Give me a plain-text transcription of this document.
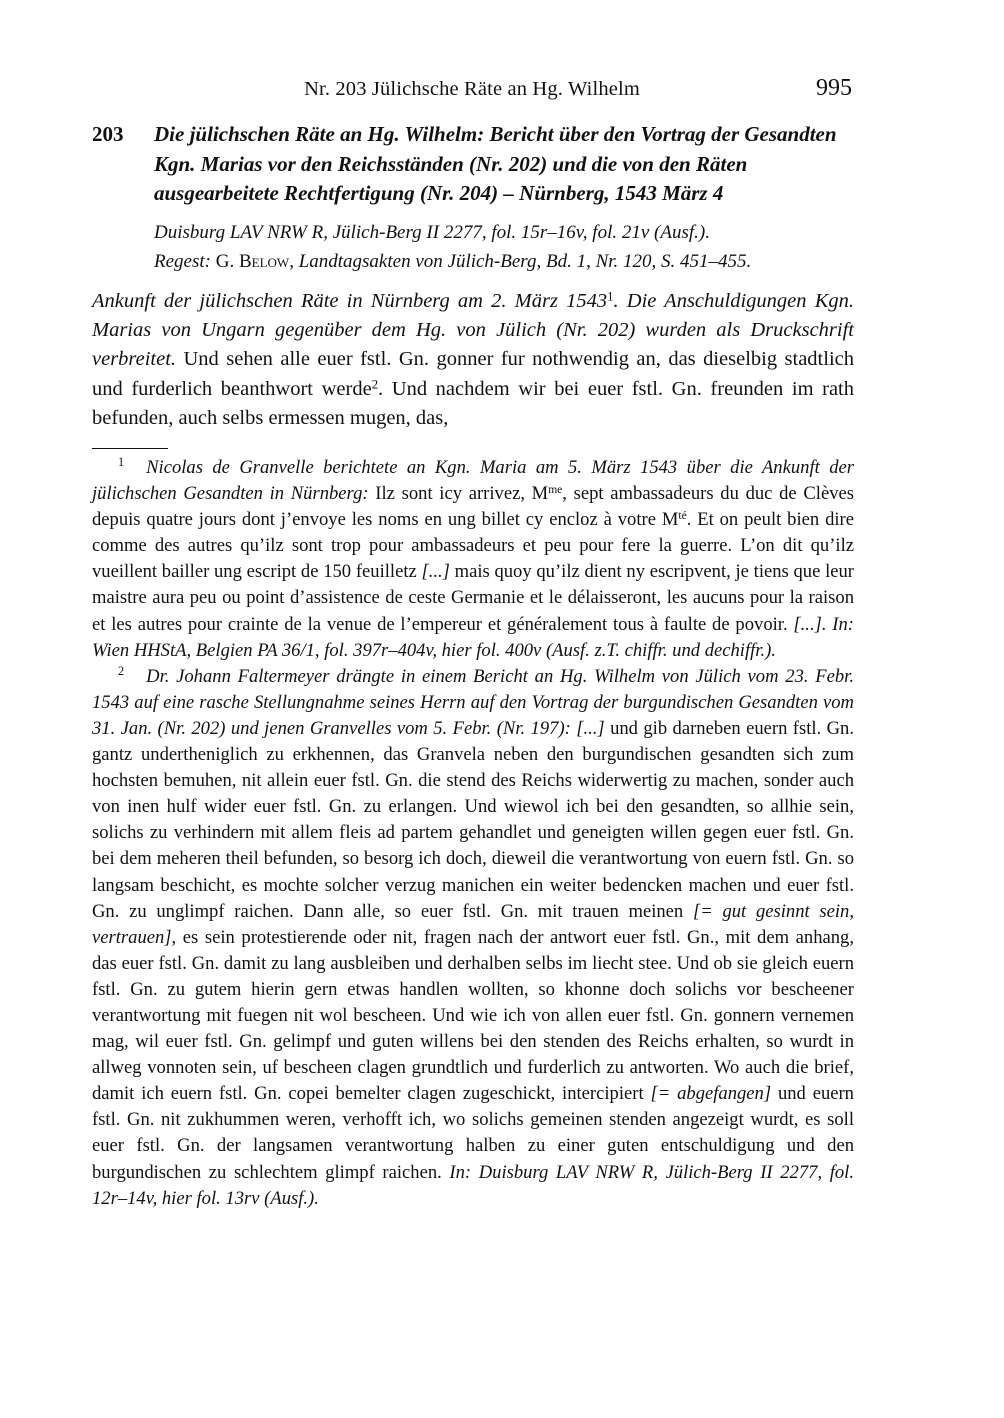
Nr. 203 Jülichsche Räte an Hg. Wilhelm	995
203 Die jülichschen Räte an Hg. Wilhelm: Bericht über den Vortrag der Gesandten Kgn. Marias vor den Reichsständen (Nr. 202) und die von den Räten ausgearbeitete Rechtfertigung (Nr. 204) – Nürnberg, 1543 März 4
Duisburg LAV NRW R, Jülich-Berg II 2277, fol. 15r–16v, fol. 21v (Ausf.).
Regest: G. Below, Landtagsakten von Jülich-Berg, Bd. 1, Nr. 120, S. 451–455.
Ankunft der jülichschen Räte in Nürnberg am 2. März 1543$^1$. Die Anschuldigungen Kgn. Marias von Ungarn gegenüber dem Hg. von Jülich (Nr. 202) wurden als Druckschrift verbreitet. Und sehen alle euer fstl. Gn. gonner fur nothwendig an, das dieselbig stadtlich und furderlich beanthwort werde$^2$. Und nachdem wir bei euer fstl. Gn. freunden im rath befunden, auch selbs ermessen mugen, das,

$^1$ Nicolas de Granvelle berichtete an Kgn. Maria am 5. März 1543 über die Ankunft der jülichschen Gesandten in Nürnberg: Ilz sont icy arrivez, $M^{me}$, sept ambassadeurs du duc de Clèves depuis quatre jours dont j’envoye les noms en ung billet cy encloz à votre $M^{té}$. Et on peult bien dire comme des autres qu’ilz sont trop pour ambassadeurs et peu pour fere la guerre. L’on dit qu’ilz vueillent bailler ung escript de 150 feuilletz [...] mais quoy qu’ilz dient ny escripvent, je tiens que leur maistre aura peu ou point d’assistence de ceste Germanie et le délaisseront, les aucuns pour la raison et les autres pour crainte de la venue de l’empereur et généralement tous à faulte de povoir. [...]. In: Wien HHStA, Belgien PA 36/1, fol. 397r–404v, hier fol. 400v (Ausf. z.T. chiffr. und dechiffr.).

$^2$ Dr. Johann Faltermeyer drängte in einem Bericht an Hg. Wilhelm von Jülich vom 23. Febr. 1543 auf eine rasche Stellungnahme seines Herrn auf den Vortrag der burgundischen Gesandten vom 31. Jan. (Nr. 202) und jenen Granvelles vom 5. Febr. (Nr. 197): [...] und gib darneben euern fstl. Gn. gantz undertheniglich zu erkhennen, das Granvela neben den burgundischen gesandten sich zum hochsten bemuhen, nit allein euer fstl. Gn. die stend des Reichs widerwertig zu machen, sonder auch von inen hulf wider euer fstl. Gn. zu erlangen. Und wiewol ich bei den gesandten, so allhie sein, solichs zu verhindern mit allem fleis ad partem gehandlet und geneigten willen gegen euer fstl. Gn. bei dem meheren theil befunden, so besorg ich doch, dieweil die verantwortung von euern fstl. Gn. so langsam beschicht, es mochte solcher verzug manichen ein weiter bedencken machen und euer fstl. Gn. zu unglimpf raichen. Dann alle, so euer fstl. Gn. mit trauen meinen [= gut gesinnt sein, vertrauen], es sein protestierende oder nit, fragen nach der antwort euer fstl. Gn., mit dem anhang, das euer fstl. Gn. damit zu lang ausbleiben und derhalben selbs im liecht stee. Und ob sie gleich euern fstl. Gn. zu gutem hierin gern etwas handlen wollten, so khonne doch solichs vor bescheener verantwortung mit fuegen nit wol bescheen. Und wie ich von allen euer fstl. Gn. gonnern vernemen mag, wil euer fstl. Gn. gelimpf und guten willens bei den stenden des Reichs erhalten, so wurdt in allweg vonnoten sein, uf bescheen clagen grundtlich und furderlich zu antworten. Wo auch die brief, damit ich euern fstl. Gn. copei bemelter clagen zugeschickt, intercipiert [= abgefangen] und euern fstl. Gn. nit zukhummen weren, verhofft ich, wo solichs gemeinen stenden angezeigt wurdt, es soll euer fstl. Gn. der langsamen verantwortung halben zu einer guten entschuldigung und den burgundischen zu schlechtem glimpf raichen. In: Duisburg LAV NRW R, Jülich-Berg II 2277, fol. 12r–14v, hier fol. 13rv (Ausf.).
